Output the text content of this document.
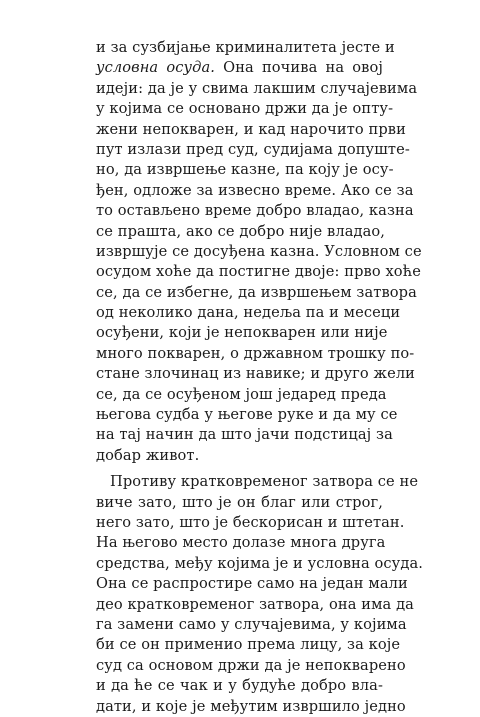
и за сузбијање криминалитета јесте и
условна осуда. Она почива на овој
идеји: да је у свима лакшим случајевима
у којима се основано држи да је опту-
жени непокварен, и кад нарочито први
пут излази пред суд, судијама допуште-
но, да извршење казне, па коју је осу-
ђен, одложе за извесно време. Ако се за
то остављено време добро владао, казна
се прашта, ако се добро није владао,
извршује се досуђена казна. Условном се
осудом хоће да постигне двоје: прво хоће
се, да се избегне, да извршењем затвора
од неколико дана, недеља па и месеци
осуђени, који је непокварен или није
много покварен, о државном трошку по-
стане злочинац из навике; и друго жели
се, да се осуђеном још једаред преда
његова судба у његове руке и да му се
на тај начин да што јачи подстицај за
добар живот.
Противу кратковременог затвора се не
виче зато, што је он благ или строг,
него зато, што је бескорисан и штетан.
На његово место долазе многа друга
средства, међу којима је и условна осуда.
Она се распростире само на један мали
део кратковременог затвора, она има да
га замени само у случајевима, у којима
би се он применио према лицу, за које
суд са основом држи да је непокварено
и да ће се чак и у будуће добро вла-
дати, и које је међутим извршило једно
